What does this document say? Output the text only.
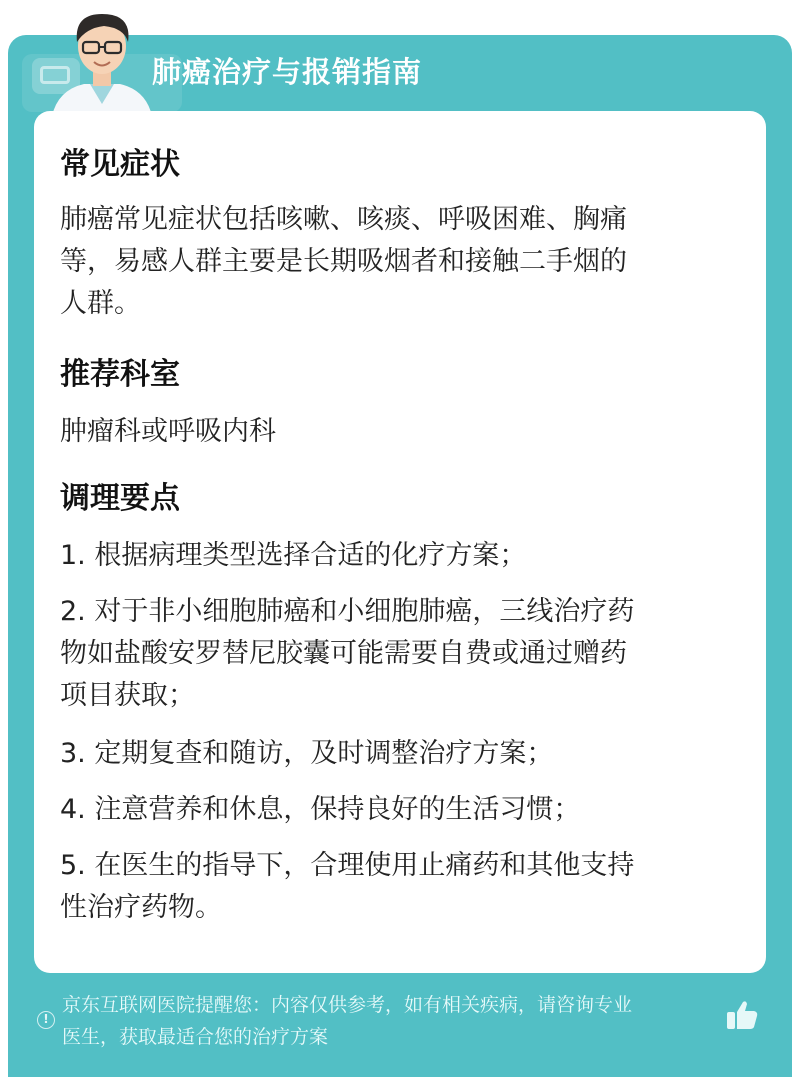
肺癌治疗与报销指南
常见症状
肺癌常见症状包括咳嗽、咳痰、呼吸困难、胸痛
等，易感人群主要是长期吸烟者和接触二手烟的
人群。
推荐科室
肿瘤科或呼吸内科
调理要点
1. 根据病理类型选择合适的化疗方案；
2. 对于非小细胞肺癌和小细胞肺癌，三线治疗药
物如盐酸安罗替尼胶囊可能需要自费或通过赠药
项目获取；
3. 定期复查和随访，及时调整治疗方案；
4. 注意营养和休息，保持良好的生活习惯；
5. 在医生的指导下，合理使用止痛药和其他支持
性治疗药物。
!
京东互联网医院提醒您：内容仅供参考，如有相关疾病，请咨询专业
医生，获取最适合您的治疗方案
